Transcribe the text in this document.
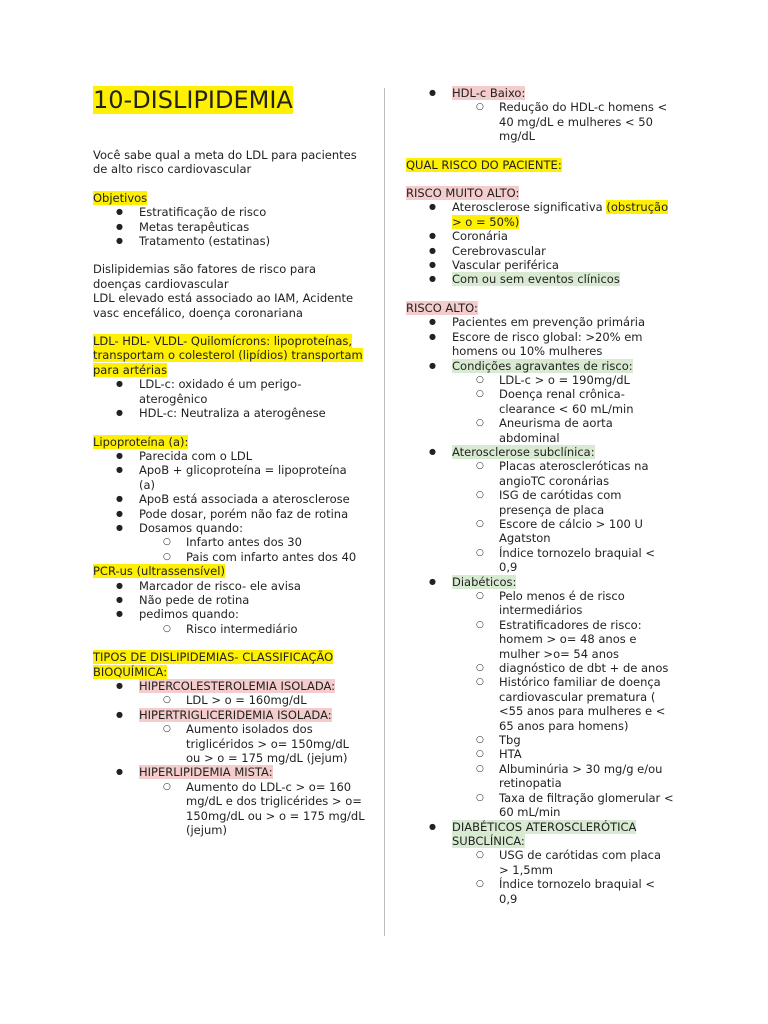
10-DISLIPIDEMIA

Você sabe qual a meta do LDL para pacientes de alto risco cardiovascular

Objetivos

● Estratificação de risco
● Metas terapêuticas
● Tratamento (estatinas)

Dislipidemias são fatores de risco para doenças cardiovascular

LDL elevado está associado ao IAM, Acidente vasc encefálico, doença coronariana

LDL- HDL- VLDL- Quilomícrons: lipoproteínas, transportam o colesterol (lipídios) transportam para artérias

● LDL-c: oxidado é um perigo-aterogênico
● HDL-c: Neutraliza a aterogênese

Lipoproteína (a):

● Parecida com o LDL
● ApoB + glicoproteína = lipoproteína (a)
● ApoB está associada a aterosclerose
● Pode dosar, porém não faz de rotina
● Dosamos quando:
○ Infarto antes dos 30
○ Pais com infarto antes dos 40

PCR-us (ultrassensível)

● Marcador de risco- ele avisa
● Não pede de rotina
● pedimos quando:
○ Risco intermediário

TIPOS DE DISLIPIDEMIAS- CLASSIFICAÇÃO BIOQUÍMICA:

● HIPERCOLESTEROLEMIA ISOLADA:
○ LDL > o = 160mg/dL
● HIPERTRIGLICERIDEMIA ISOLADA:
○ Aumento isolados dos triglicéridos > o= 150mg/dL ou > o = 175 mg/dL (jejum)
● HIPERLIPIDEMIA MISTA:
○ Aumento do LDL-c > o= 160 mg/dL e dos triglicérides > o= 150mg/dL ou > o = 175 mg/dL (jejum)
● HDL-c Baixo:
○ Redução do HDL-c homens < 40 mg/dL e mulheres < 50 mg/dL

QUAL RISCO DO PACIENTE:

RISCO MUITO ALTO:

● Aterosclerose significativa (obstrução > o = 50%)
● Coronária
● Cerebrovascular
● Vascular periférica
● Com ou sem eventos clínicos

RISCO ALTO:

● Pacientes em prevenção primária
● Escore de risco global: >20% em homens ou 10% mulheres
● Condições agravantes de risco:
○ LDL-c > o = 190mg/dL
○ Doença renal crônica- clearance < 60 mL/min
○ Aneurisma de aorta abdominal
● Aterosclerose subclínica:
○ Placas ateroscleróticas na angioTC coronárias
○ ISG de carótidas com presença de placa
○ Escore de cálcio > 100 U Agatston
○ Índice tornozelo braquial < 0,9
● Diabéticos:
○ Pelo menos é de risco intermediários
○ Estratificadores de risco: homem > o= 48 anos e mulher >o= 54 anos
○ diagnóstico de dbt + de anos
○ Histórico familiar de doença cardiovascular prematura ( <55 anos para mulheres e < 65 anos para homens)
○ Tbg
○ HTA
○ Albuminúria > 30 mg/g e/ou retinopatia
○ Taxa de filtração glomerular < 60 mL/min
● DIABÉTICOS ATEROSCLERÓTICA SUBCLÍNICA:
○ USG de carótidas com placa > 1,5mm
○ Índice tornozelo braquial < 0,9
